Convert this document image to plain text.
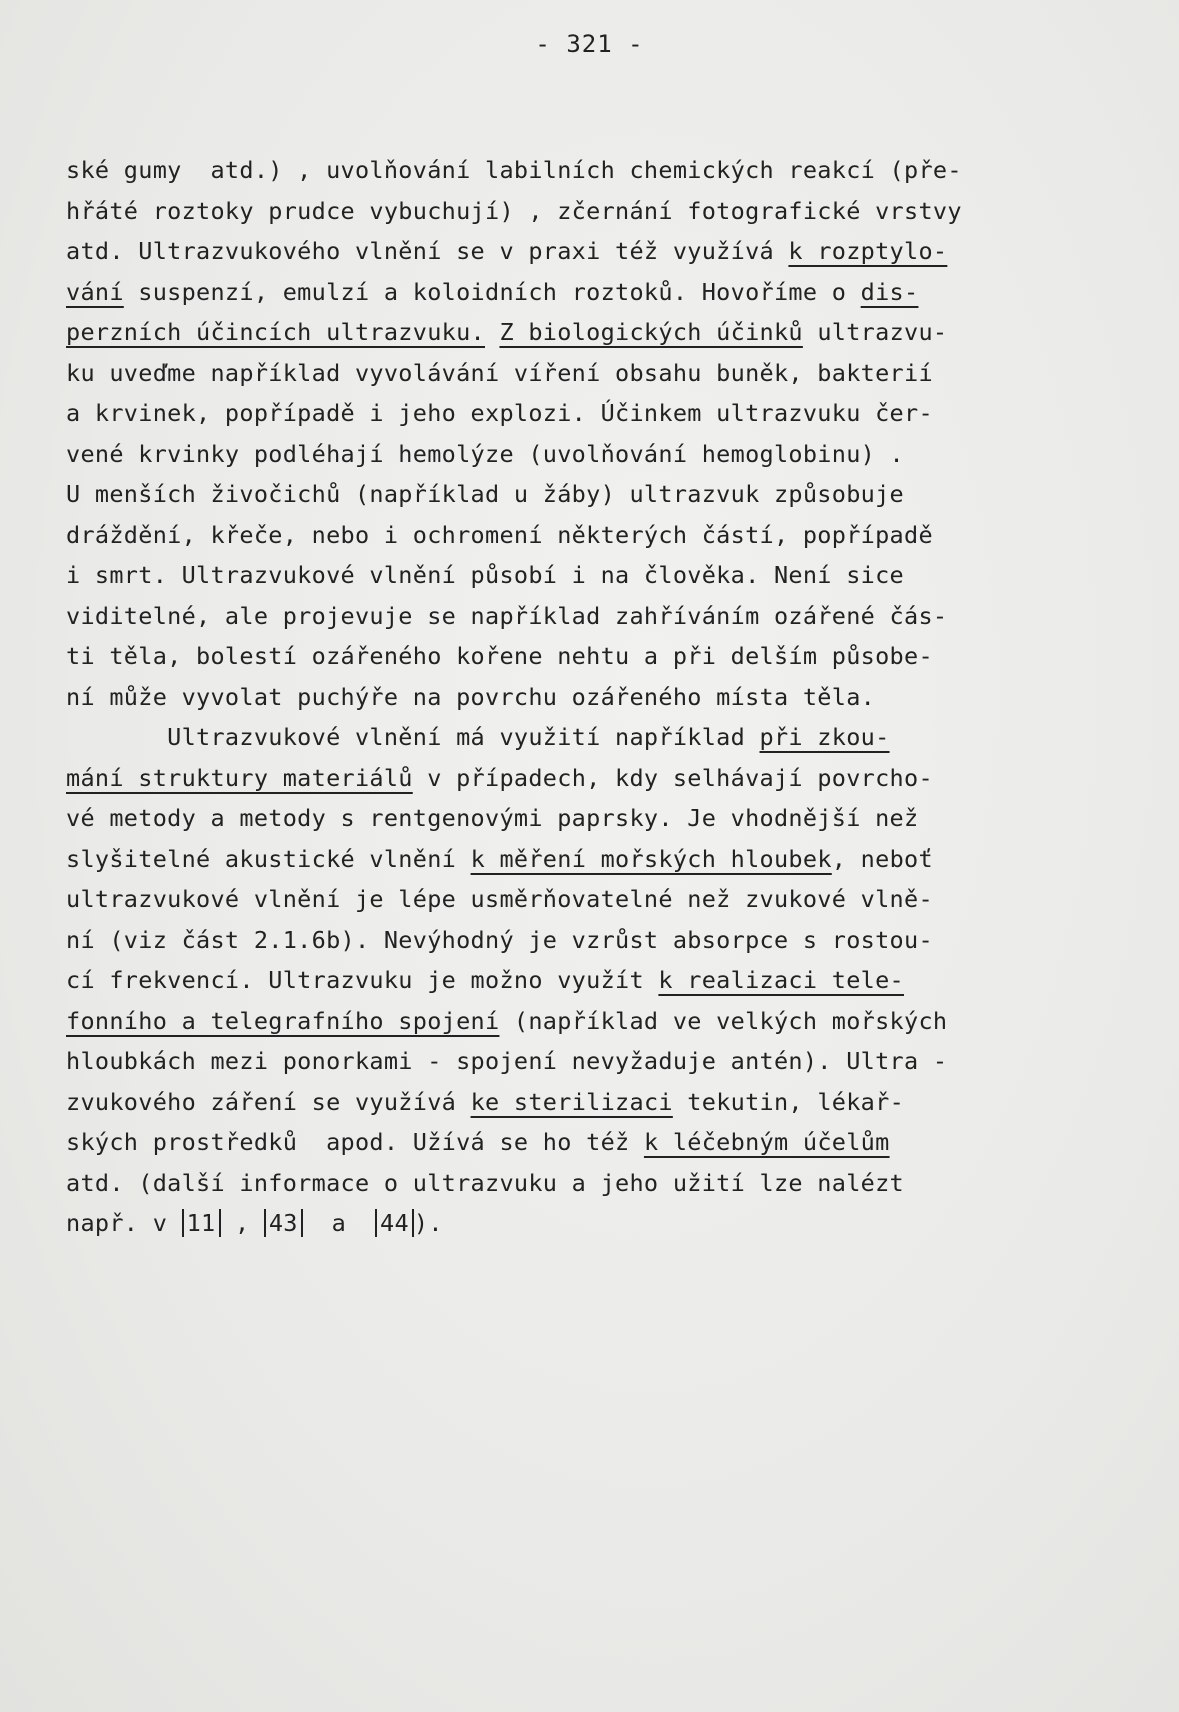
- 321 -
ské gumy  atd.) , uvolňování labilních chemických reakcí (pře-
hřáté roztoky prudce vybuchují) , zčernání fotografické vrstvy
atd. Ultrazvukového vlnění se v praxi též využívá k rozptylo-
vání suspenzí, emulzí a koloidních roztoků. Hovoříme o dis-
perzních účincích ultrazvuku. Z biologických účinků ultrazvu-
ku uveďme například vyvolávání víření obsahu buněk, bakterií
a krvinek, popřípadě i jeho explozi. Účinkem ultrazvuku čer-
vené krvinky podléhají hemolýze (uvolňování hemoglobinu) .
U menších živočichů (například u žáby) ultrazvuk způsobuje
dráždění, křeče, nebo i ochromení některých částí, popřípadě
i smrt. Ultrazvukové vlnění působí i na člověka. Není sice
viditelné, ale projevuje se například zahříváním ozářené čás-
ti těla, bolestí ozářeného kořene nehtu a při delším působe-
ní může vyvolat puchýře na povrchu ozářeného místa těla.
Ultrazvukové vlnění má využití například při zkou-
mání struktury materiálů v případech, kdy selhávají povrcho-
vé metody a metody s rentgenovými paprsky. Je vhodnější než
slyšitelné akustické vlnění k měření mořských hloubek, neboť
ultrazvukové vlnění je lépe usměrňovatelné než zvukové vlně-
ní (viz část 2.1.6b). Nevýhodný je vzrůst absorpce s rostou-
cí frekvencí. Ultrazvuku je možno využít k realizaci tele-
fonního a telegrafního spojení (například ve velkých mořských
hloubkách mezi ponorkami - spojení nevyžaduje antén). Ultra -
zvukového záření se využívá ke sterilizaci tekutin, lékař-
ských prostředků  apod. Užívá se ho též k léčebným účelům
atd. (další informace o ultrazvuku a jeho užití lze nalézt
např. v 11 , 43  a  44 ).
